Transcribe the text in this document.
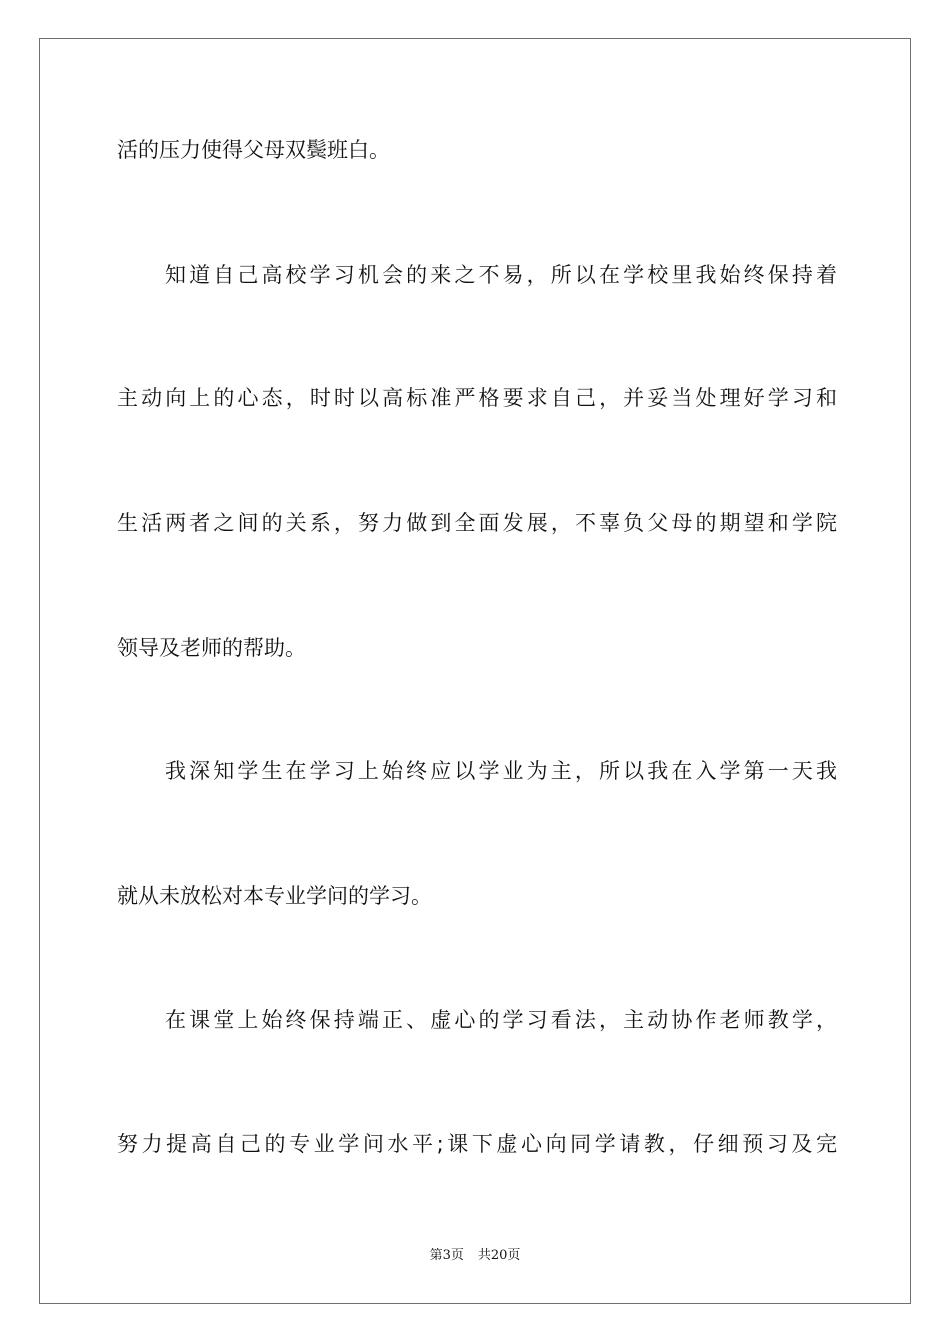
活的压力使得父母双鬓班白。
知道自己高校学习机会的来之不易，所以在学校里我始终保持着
主动向上的心态，时时以高标准严格要求自己，并妥当处理好学习和
生活两者之间的关系，努力做到全面发展，不辜负父母的期望和学院
领导及老师的帮助。
我深知学生在学习上始终应以学业为主，所以我在入学第一天我
就从未放松对本专业学问的学习。
在课堂上始终保持端正、虚心的学习看法，主动协作老师教学，
努力提高自己的专业学问水平;课下虚心向同学请教，仔细预习及完
第3页 共20页
